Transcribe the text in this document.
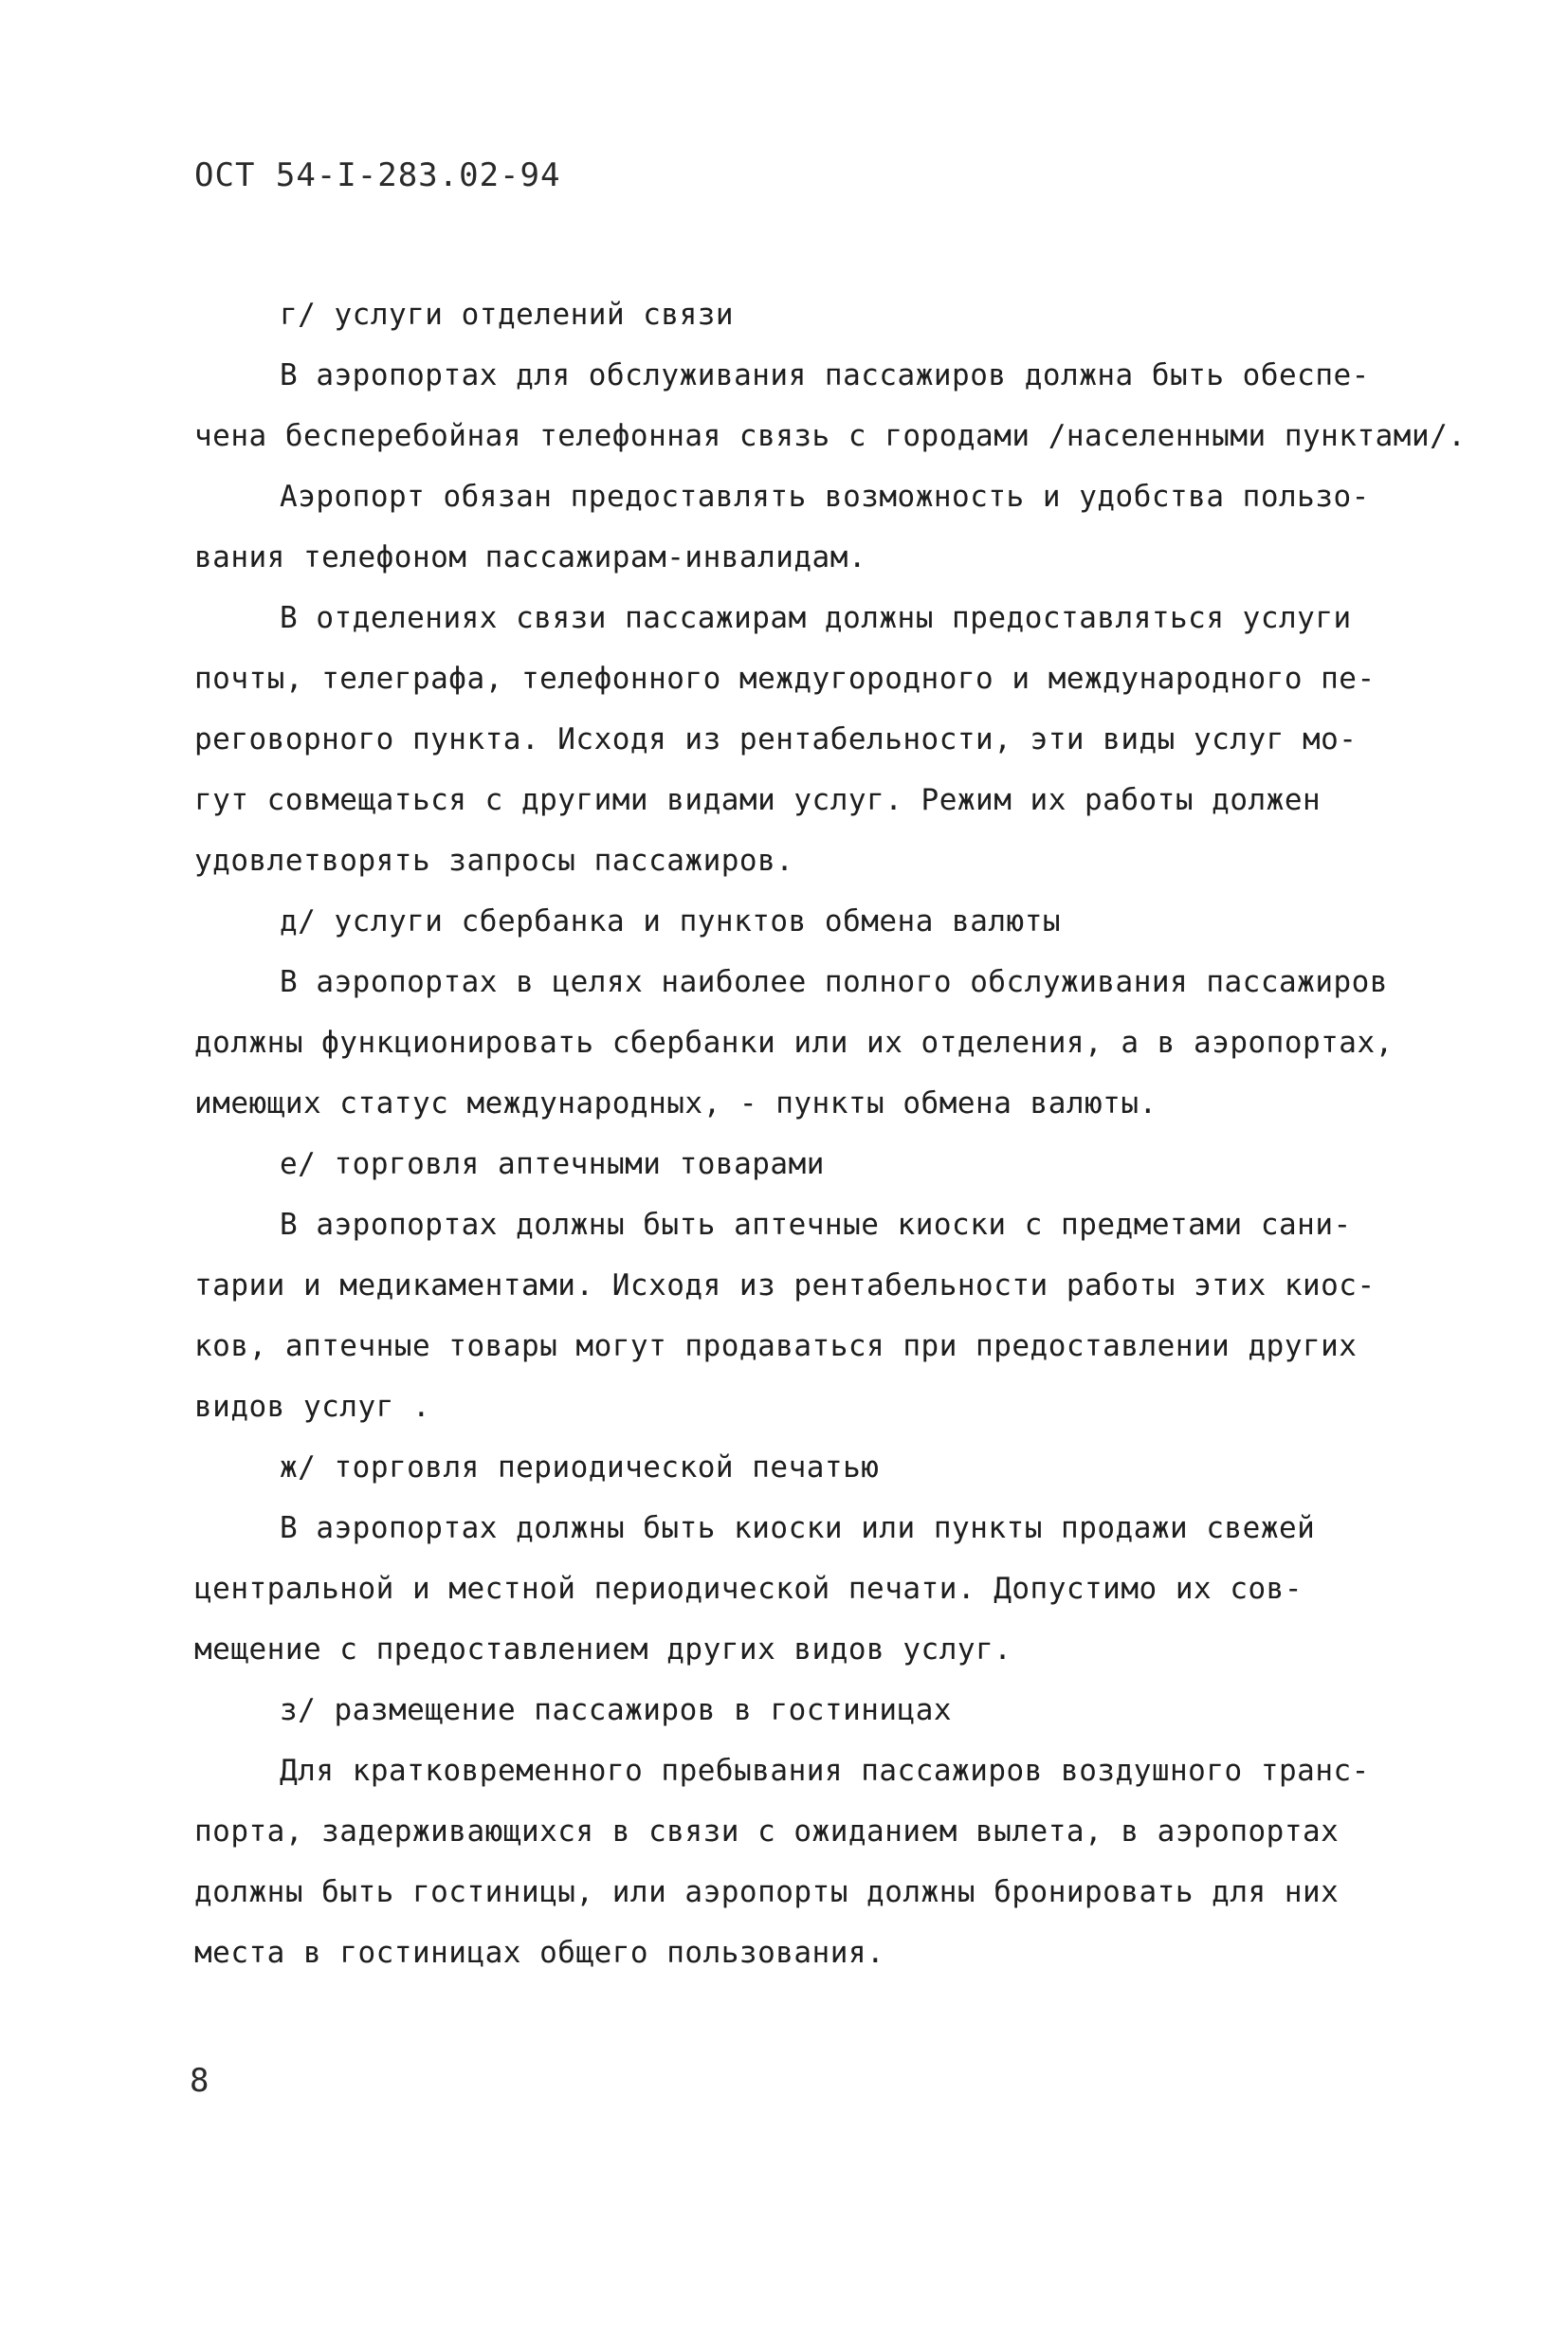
ОСТ 54-I-283.02-94
г/ услуги отделений связи
В аэропортах для обслуживания пассажиров должна быть обеспе-
чена бесперебойная телефонная связь с городами /населенными пунктами/.
Аэропорт обязан предоставлять возможность и удобства пользо-
вания телефоном пассажирам-инвалидам.
В отделениях связи пассажирам должны предоставляться услуги
почты, телеграфа, телефонного междугородного и международного пе-
реговорного пункта. Исходя из рентабельности, эти виды услуг мо-
гут совмещаться с другими видами услуг. Режим их работы должен
удовлетворять запросы пассажиров.
д/ услуги сбербанка и пунктов обмена валюты
В аэропортах в целях наиболее полного обслуживания пассажиров
должны функционировать сбербанки или их отделения, а в аэропортах,
имеющих статус международных, - пункты обмена валюты.
е/ торговля аптечными товарами
В аэропортах должны быть аптечные киоски с предметами сани-
тарии и медикаментами. Исходя из рентабельности работы этих киос-
ков, аптечные товары могут продаваться при предоставлении других
видов услуг .
ж/ торговля периодической печатью
В аэропортах должны быть киоски или пункты продажи свежей
центральной и местной периодической печати. Допустимо их сов-
мещение с предоставлением других видов услуг.
з/ размещение пассажиров в гостиницах
Для кратковременного пребывания пассажиров воздушного транс-
порта, задерживающихся в связи с ожиданием вылета, в аэропортах
должны быть гостиницы, или аэропорты должны бронировать для них
места в гостиницах общего пользования.
8
